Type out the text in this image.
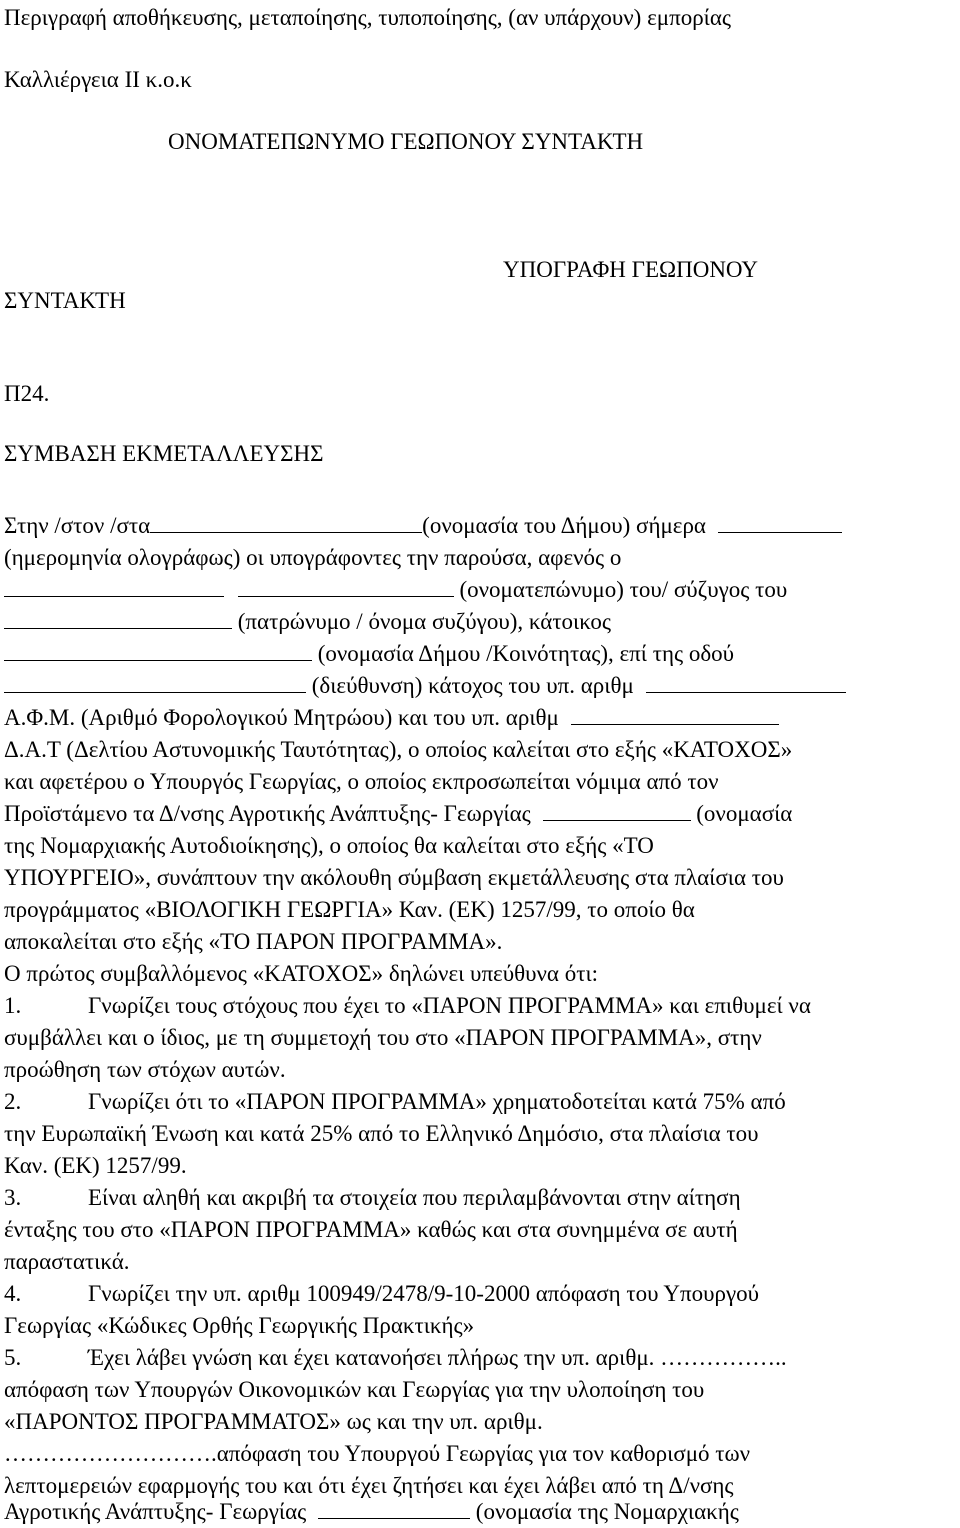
Περιγραφή αποθήκευσης, μεταποίησης, τυποποίησης, (αν υπάρχουν) εμπορίας
Καλλιέργεια ΙΙ κ.ο.κ
ΟΝΟΜΑΤΕΠΩΝΥΜΟ ΓΕΩΠΟΝΟΥ ΣΥΝΤΑΚΤΗ
ΥΠΟΓΡΑΦΗ ΓΕΩΠΟΝΟΥ
ΣΥΝΤΑΚΤΗ
Π24.
ΣΥΜΒΑΣΗ ΕΚΜΕΤΑΛΛΕΥΣΗΣ
Στην /στον /στα	(ονομασία του Δήμου) σήμερα
(ημερομηνία ολογράφως) οι υπογράφοντες την παρούσα, αφενός ο
(ονοματεπώνυμο) του/ σύζυγος του
(πατρώνυμο / όνομα συζύγου), κάτοικος
(ονομασία Δήμου /Κοινότητας), επί της οδού
(διεύθυνση) κάτοχος του υπ. αριθμ
Α.Φ.Μ. (Αριθμό Φορολογικού Μητρώου) και του υπ. αριθμ
Δ.Α.Τ (Δελτίου Αστυνομικής Ταυτότητας), ο οποίος καλείται στο εξής «ΚΑΤΟΧΟΣ»
και αφετέρου ο Υπουργός Γεωργίας, ο οποίος εκπροσωπείται νόμιμα από τον
Προϊστάμενο τα Δ/νσης Αγροτικής Ανάπτυξης- Γεωργίας	(ονομασία
της Νομαρχιακής Αυτοδιοίκησης), ο οποίος θα καλείται στο εξής «ΤΟ
ΥΠΟΥΡΓΕΙΟ», συνάπτουν την ακόλουθη σύμβαση εκμετάλλευσης στα πλαίσια του
προγράμματος «ΒΙΟΛΟΓΙΚΗ ΓΕΩΡΓΙΑ» Καν. (ΕΚ) 1257/99, το οποίο θα
αποκαλείται στο εξής «ΤΟ ΠΑΡΟΝ ΠΡΟΓΡΑΜΜΑ».
Ο πρώτος συμβαλλόμενος «ΚΑΤΟΧΟΣ» δηλώνει υπεύθυνα ότι:
1.	Γνωρίζει τους στόχους που έχει το «ΠΑΡΟΝ ΠΡΟΓΡΑΜΜΑ» και επιθυμεί να
συμβάλλει και ο ίδιος, με τη συμμετοχή του στο «ΠΑΡΟΝ ΠΡΟΓΡΑΜΜΑ», στην
προώθηση των στόχων αυτών.
2.	Γνωρίζει ότι το «ΠΑΡΟΝ ΠΡΟΓΡΑΜΜΑ» χρηματοδοτείται κατά 75% από
την Ευρωπαϊκή Ένωση και κατά 25% από το Ελληνικό Δημόσιο, στα πλαίσια του
Καν. (ΕΚ) 1257/99.
3.	Είναι αληθή και ακριβή τα στοιχεία που περιλαμβάνονται στην αίτηση
ένταξης του στο «ΠΑΡΟΝ ΠΡΟΓΡΑΜΜΑ» καθώς και στα συνημμένα σε αυτή
παραστατικά.
4.	Γνωρίζει την υπ. αριθμ 100949/2478/9-10-2000 απόφαση του Υπουργού
Γεωργίας «Κώδικες Ορθής Γεωργικής Πρακτικής»
5.	Έχει λάβει γνώση και έχει κατανοήσει πλήρως την υπ. αριθμ. ……………..
απόφαση των Υπουργών Οικονομικών και Γεωργίας για την υλοποίηση του
«ΠΑΡΟΝΤΟΣ ΠΡΟΓΡΑΜΜΑΤΟΣ» ως και την υπ. αριθμ.
……………………….απόφαση του Υπουργού Γεωργίας για τον καθορισμό των
λεπτομερειών εφαρμογής του και ότι έχει ζητήσει και έχει λάβει από τη Δ/νσης
Αγροτικής Ανάπτυξης- Γεωργίας	(ονομασία της Νομαρχιακής
